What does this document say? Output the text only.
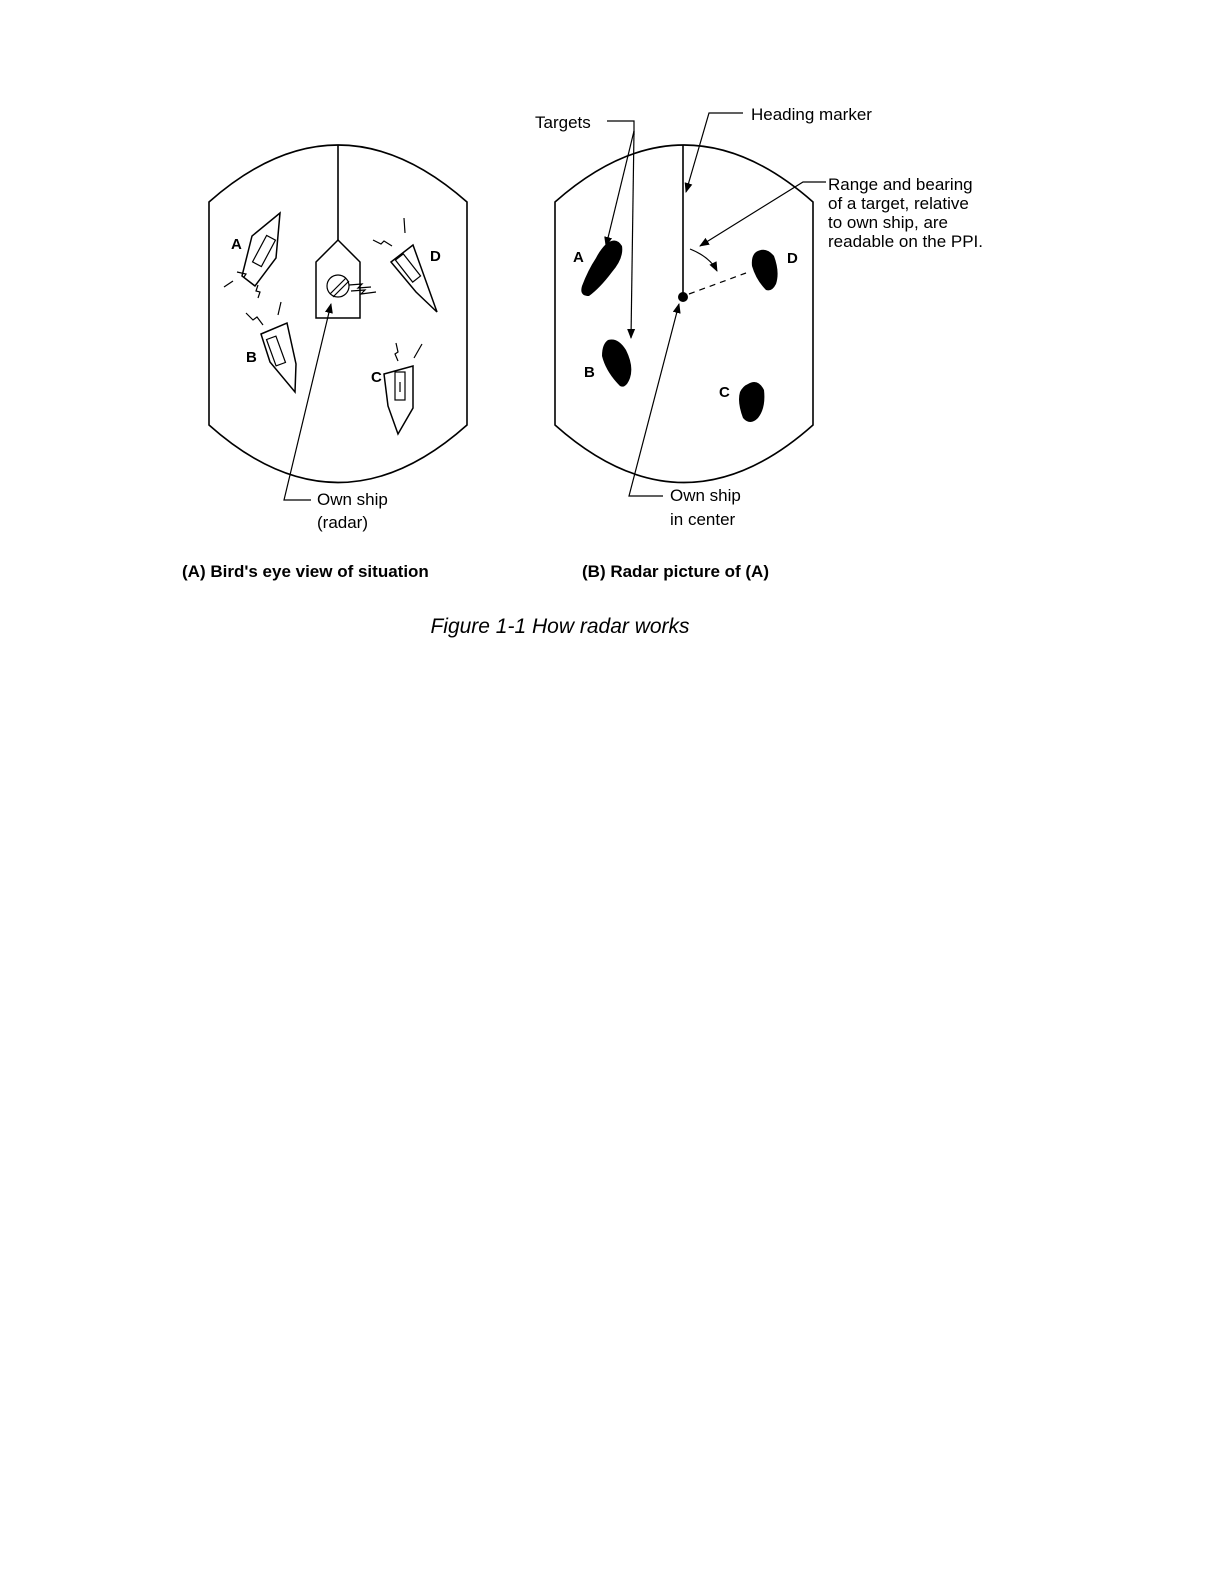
A
B
C
D
Own ship
(radar)
(A) Bird's eye view of situation
A
B
C
D
Targets	Heading marker
Range and bearing
of a target, relative
to own ship, are
readable on the PPI.
Own ship
in center
(B) Radar picture of (A)
Figure 1-1 How radar works
